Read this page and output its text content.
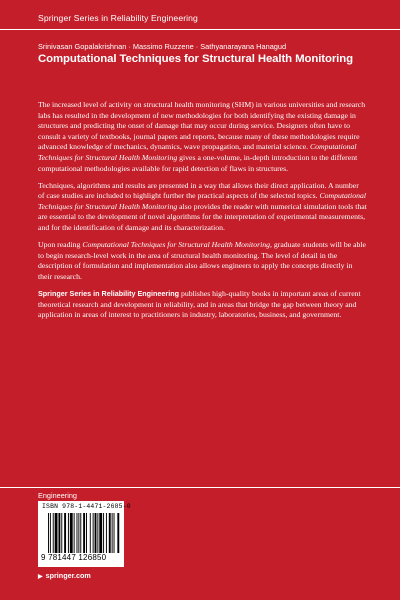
Springer Series in Reliability Engineering
Srinivasan Gopalakrishnan · Massimo Ruzzene · Sathyanarayana Hanagud
Computational Techniques for Structural Health Monitoring

The increased level of activity on structural health monitoring (SHM) in various universities and research labs has resulted in the development of new methodologies for both identifying the existing damage in structures and predicting the onset of damage that may occur during service. Designers often have to consult a variety of textbooks, journal papers and reports, because many of these methodologies require advanced knowledge of mechanics, dynamics, wave propagation, and material science. Computational Techniques for Structural Health Monitoring gives a one-volume, in-depth introduction to the different computational methodologies available for rapid detection of flaws in structures.

Techniques, algorithms and results are presented in a way that allows their direct application. A number of case studies are included to highlight further the practical aspects of the selected topics. Computational Techniques for Structural Health Monitoring also provides the reader with numerical simulation tools that are essential to the development of novel algorithms for the interpretation of experimental measurements, and for the identification of damage and its characterization.

Upon reading Computational Techniques for Structural Health Monitoring, graduate students will be able to begin research-level work in the area of structural health monitoring. The level of detail in the description of formulation and implementation also allows engineers to apply the concepts directly in their research.

Springer Series in Reliability Engineering publishes high-quality books in important areas of current theoretical research and development in reliability, and in areas that bridge the gap between theory and application in areas of interest to practitioners in industry, laboratories, business, and government.

Engineering
ISBN 978-1-4471-2685-0
9 781447 126850
▶ springer.com
